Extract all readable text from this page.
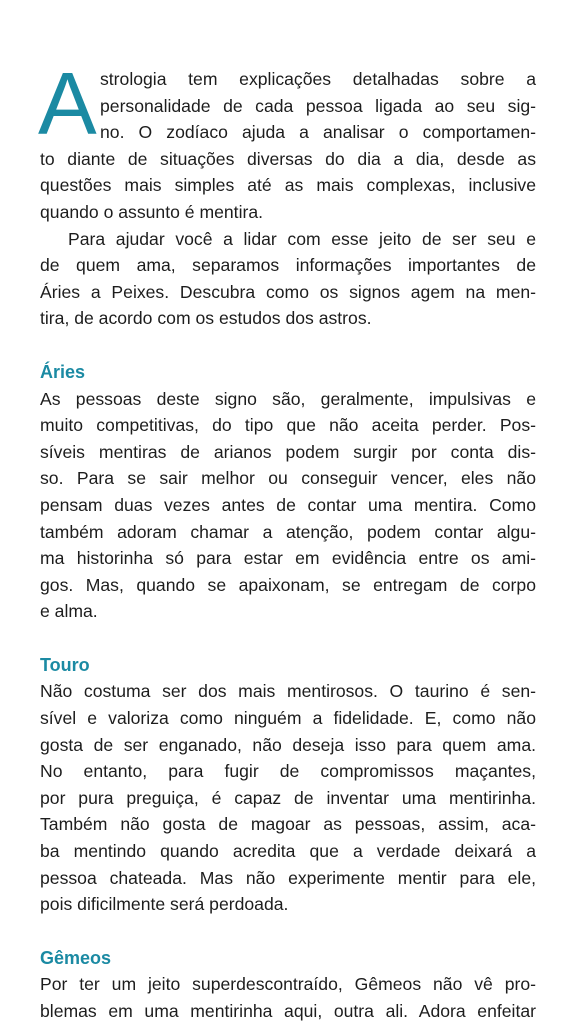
A strologia tem explicações detalhadas sobre a
personalidade de cada pessoa ligada ao seu sig-
no. O zodíaco ajuda a analisar o comportamen-
to diante de situações diversas do dia a dia, desde as
questões mais simples até as mais complexas, inclusive
quando o assunto é mentira.
Para ajudar você a lidar com esse jeito de ser seu e
de quem ama, separamos informações importantes de
Áries a Peixes. Descubra como os signos agem na men-
tira, de acordo com os estudos dos astros.
Áries
As pessoas deste signo são, geralmente, impulsivas e
muito competitivas, do tipo que não aceita perder. Pos-
síveis mentiras de arianos podem surgir por conta dis-
so. Para se sair melhor ou conseguir vencer, eles não
pensam duas vezes antes de contar uma mentira. Como
também adoram chamar a atenção, podem contar algu-
ma historinha só para estar em evidência entre os ami-
gos. Mas, quando se apaixonam, se entregam de corpo
e alma.
Touro
Não costuma ser dos mais mentirosos. O taurino é sen-
sível e valoriza como ninguém a fidelidade. E, como não
gosta de ser enganado, não deseja isso para quem ama.
No entanto, para fugir de compromissos maçantes,
por pura preguiça, é capaz de inventar uma mentirinha.
Também não gosta de magoar as pessoas, assim, aca-
ba mentindo quando acredita que a verdade deixará a
pessoa chateada. Mas não experimente mentir para ele,
pois dificilmente será perdoada.
Gêmeos
Por ter um jeito superdescontraído, Gêmeos não vê pro-
blemas em uma mentirinha aqui, outra ali. Adora enfeitar
